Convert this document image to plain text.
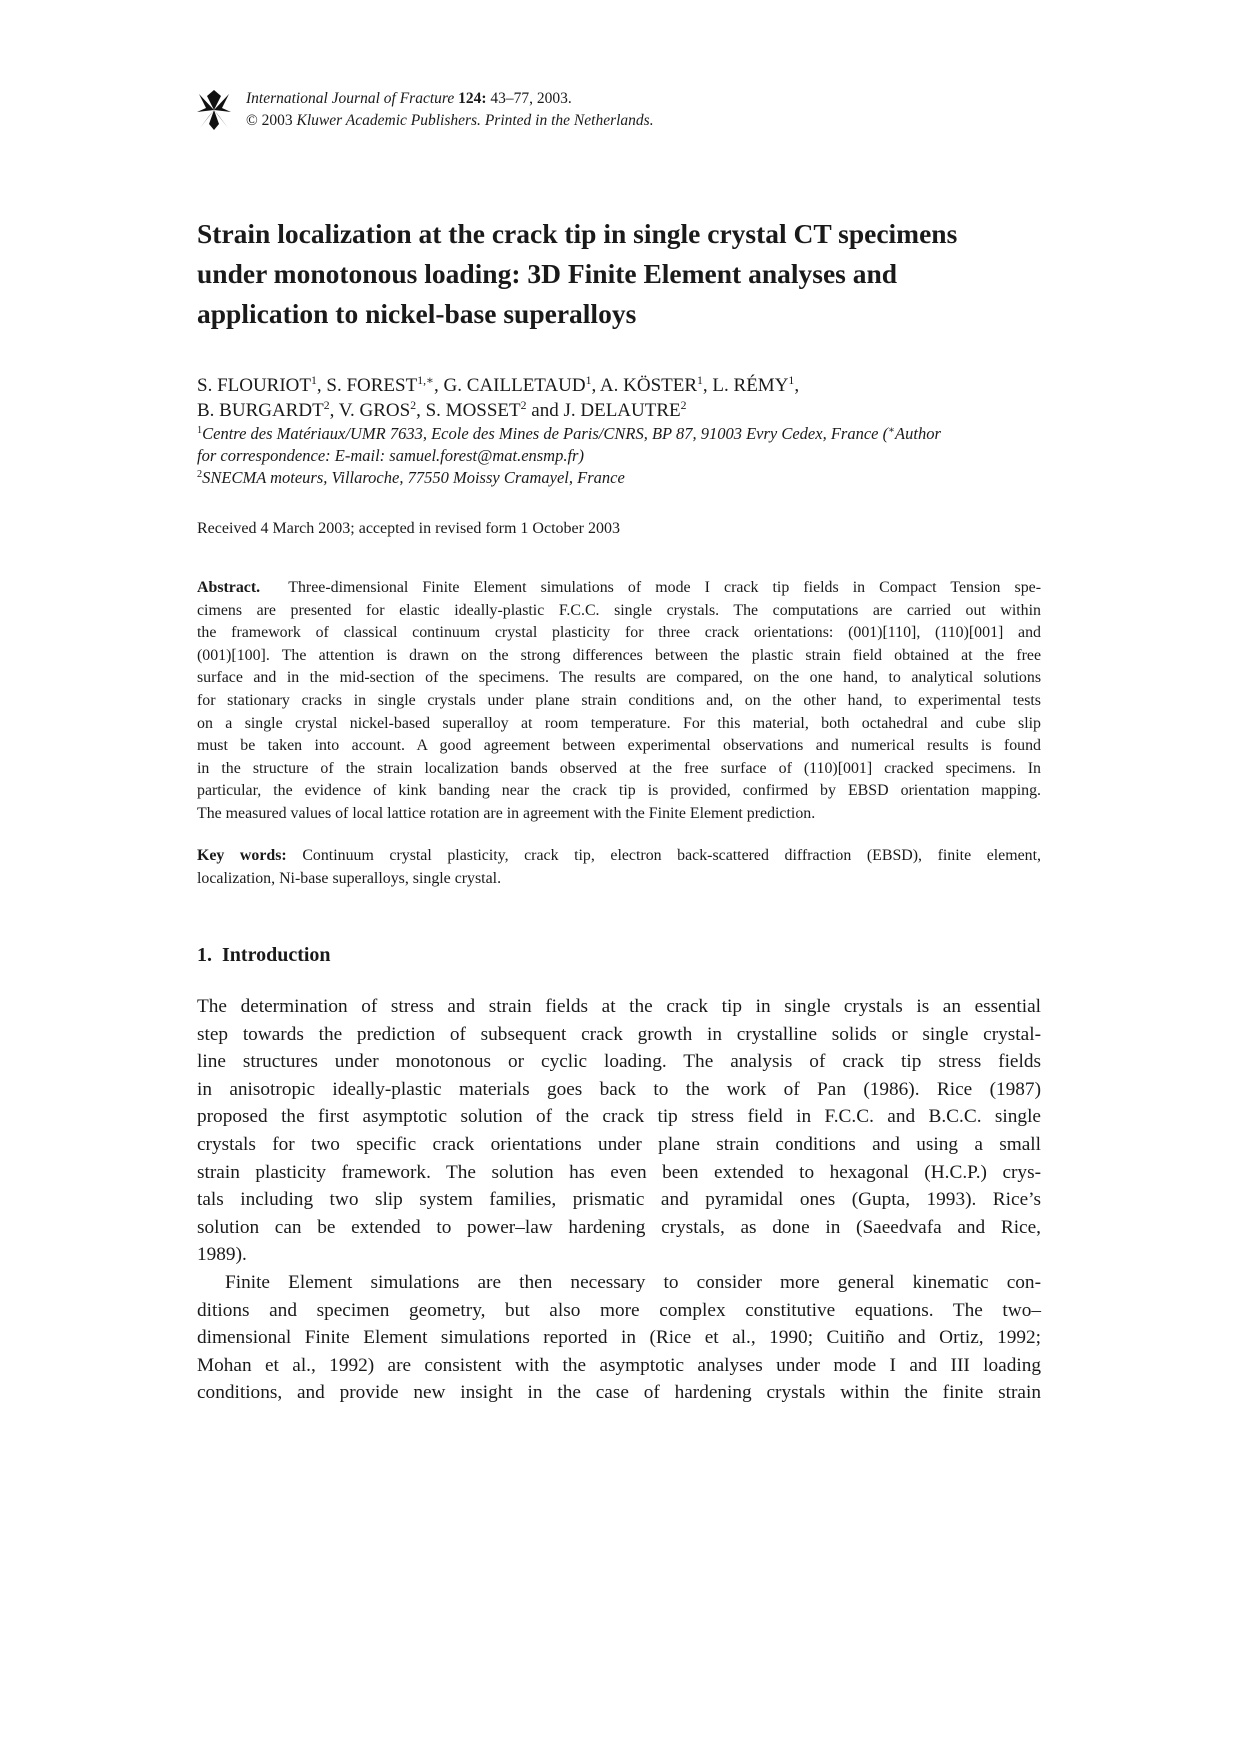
International Journal of Fracture 124: 43–77, 2003.
© 2003 Kluwer Academic Publishers. Printed in the Netherlands.
Strain localization at the crack tip in single crystal CT specimens
under monotonous loading: 3D Finite Element analyses and
application to nickel-base superalloys
S. FLOURIOT$^1$, S. $FOREST^{1,∗}$, G. CAILLETAUD$^1$, A. KÖSTER$^1$, L. RÉMY$^1$,
B. BURGARDT$^2$, V. GROS$^2$, S. MOSSET$^2$ and J. DELAUTRE$^2$
$^1$Centre des Matériaux/UMR 7633, Ecole des Mines de Paris/CNRS, BP 87, 91003 Evry Cedex, France (∗Author
for correspondence: E-mail: samuel.forest@mat.ensmp.fr)
$^2$SNECMA moteurs, Villaroche, 77550 Moissy Cramayel, France
Received 4 March 2003; accepted in revised form 1 October 2003
Abstract. Three-dimensional Finite Element simulations of mode I crack tip fields in Compact Tension spe-
cimens are presented for elastic ideally-plastic F.C.C. single crystals. The computations are carried out within
the framework of classical continuum crystal plasticity for three crack orientations: (001)[110], (110)[001] and
(001)[100]. The attention is drawn on the strong differences between the plastic strain field obtained at the free
surface and in the mid-section of the specimens. The results are compared, on the one hand, to analytical solutions
for stationary cracks in single crystals under plane strain conditions and, on the other hand, to experimental tests
on a single crystal nickel-based superalloy at room temperature. For this material, both octahedral and cube slip
must be taken into account. A good agreement between experimental observations and numerical results is found
in the structure of the strain localization bands observed at the free surface of (110)[001] cracked specimens. In
particular, the evidence of kink banding near the crack tip is provided, confirmed by EBSD orientation mapping.
The measured values of local lattice rotation are in agreement with the Finite Element prediction.
Key words: Continuum crystal plasticity, crack tip, electron back-scattered diffraction (EBSD), finite element,
localization, Ni-base superalloys, single crystal.
1. Introduction
The determination of stress and strain fields at the crack tip in single crystals is an essential
step towards the prediction of subsequent crack growth in crystalline solids or single crystal-
line structures under monotonous or cyclic loading. The analysis of crack tip stress fields
in anisotropic ideally-plastic materials goes back to the work of Pan (1986). Rice (1987)
proposed the first asymptotic solution of the crack tip stress field in F.C.C. and B.C.C. single
crystals for two specific crack orientations under plane strain conditions and using a small
strain plasticity framework. The solution has even been extended to hexagonal (H.C.P.) crys-
tals including two slip system families, prismatic and pyramidal ones (Gupta, 1993). Rice’s
solution can be extended to power–law hardening crystals, as done in (Saeedvafa and Rice,
1989).
Finite Element simulations are then necessary to consider more general kinematic con-
ditions and specimen geometry, but also more complex constitutive equations. The two–
dimensional Finite Element simulations reported in (Rice et al., 1990; Cuitiño and Ortiz, 1992;
Mohan et al., 1992) are consistent with the asymptotic analyses under mode I and III loading
conditions, and provide new insight in the case of hardening crystals within the finite strain
